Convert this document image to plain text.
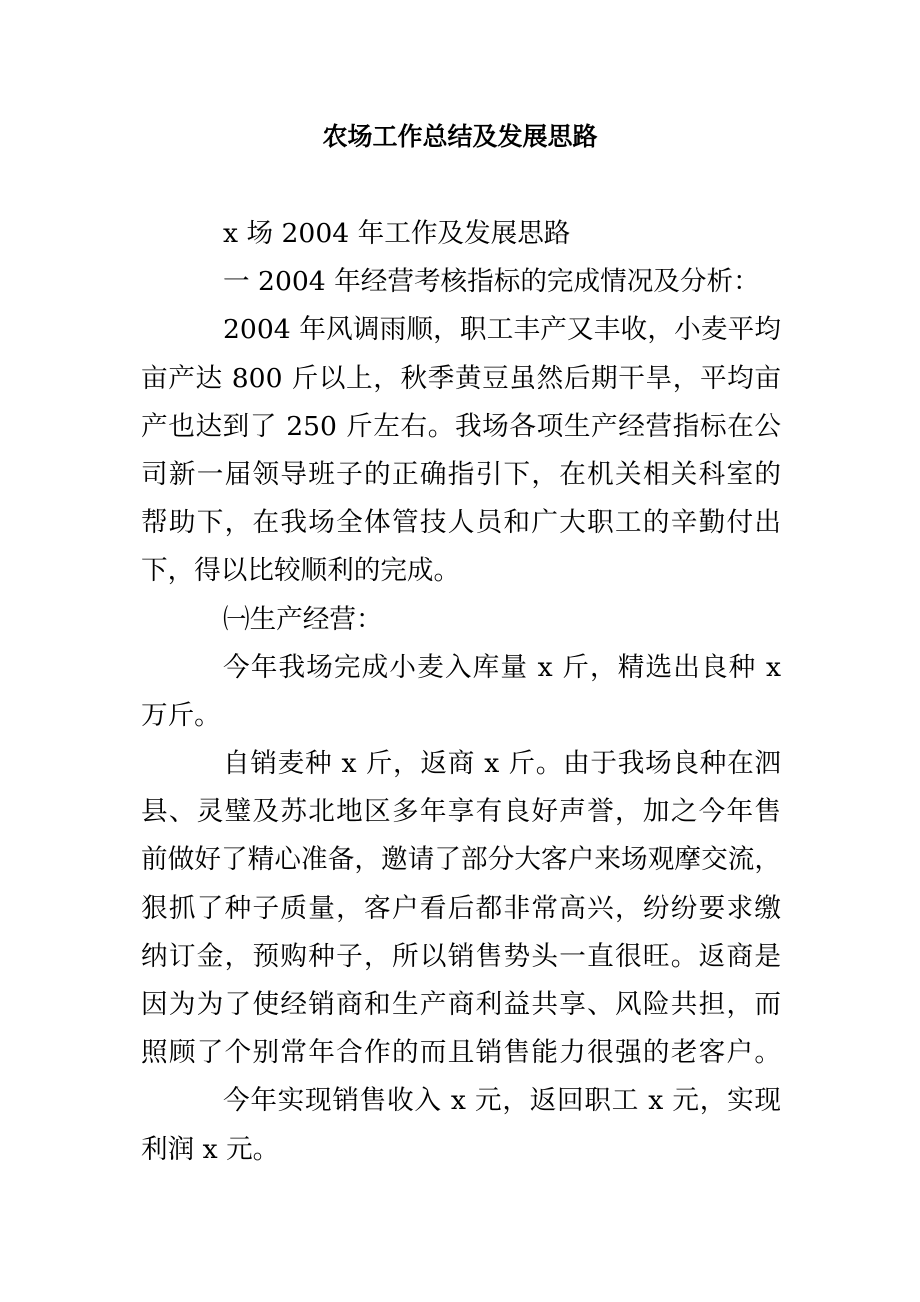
农场工作总结及发展思路
x 场 2004 年工作及发展思路
一 2004 年经营考核指标的完成情况及分析：
2004 年风调雨顺，职工丰产又丰收，小麦平均
亩产达 800 斤以上，秋季黄豆虽然后期干旱，平均亩
产也达到了 250 斤左右。我场各项生产经营指标在公
司新一届领导班子的正确指引下，在机关相关科室的
帮助下，在我场全体管技人员和广大职工的辛勤付出
下，得以比较顺利的完成。
㈠生产经营：
今年我场完成小麦入库量 x 斤，精选出良种 x
万斤。
自销麦种 x 斤，返商 x 斤。由于我场良种在泗
县、灵璧及苏北地区多年享有良好声誉，加之今年售
前做好了精心准备，邀请了部分大客户来场观摩交流，
狠抓了种子质量，客户看后都非常高兴，纷纷要求缴
纳订金，预购种子，所以销售势头一直很旺。返商是
因为为了使经销商和生产商利益共享、风险共担，而
照顾了个别常年合作的而且销售能力很强的老客户。
今年实现销售收入 x 元，返回职工 x 元，实现
利润 x 元。
